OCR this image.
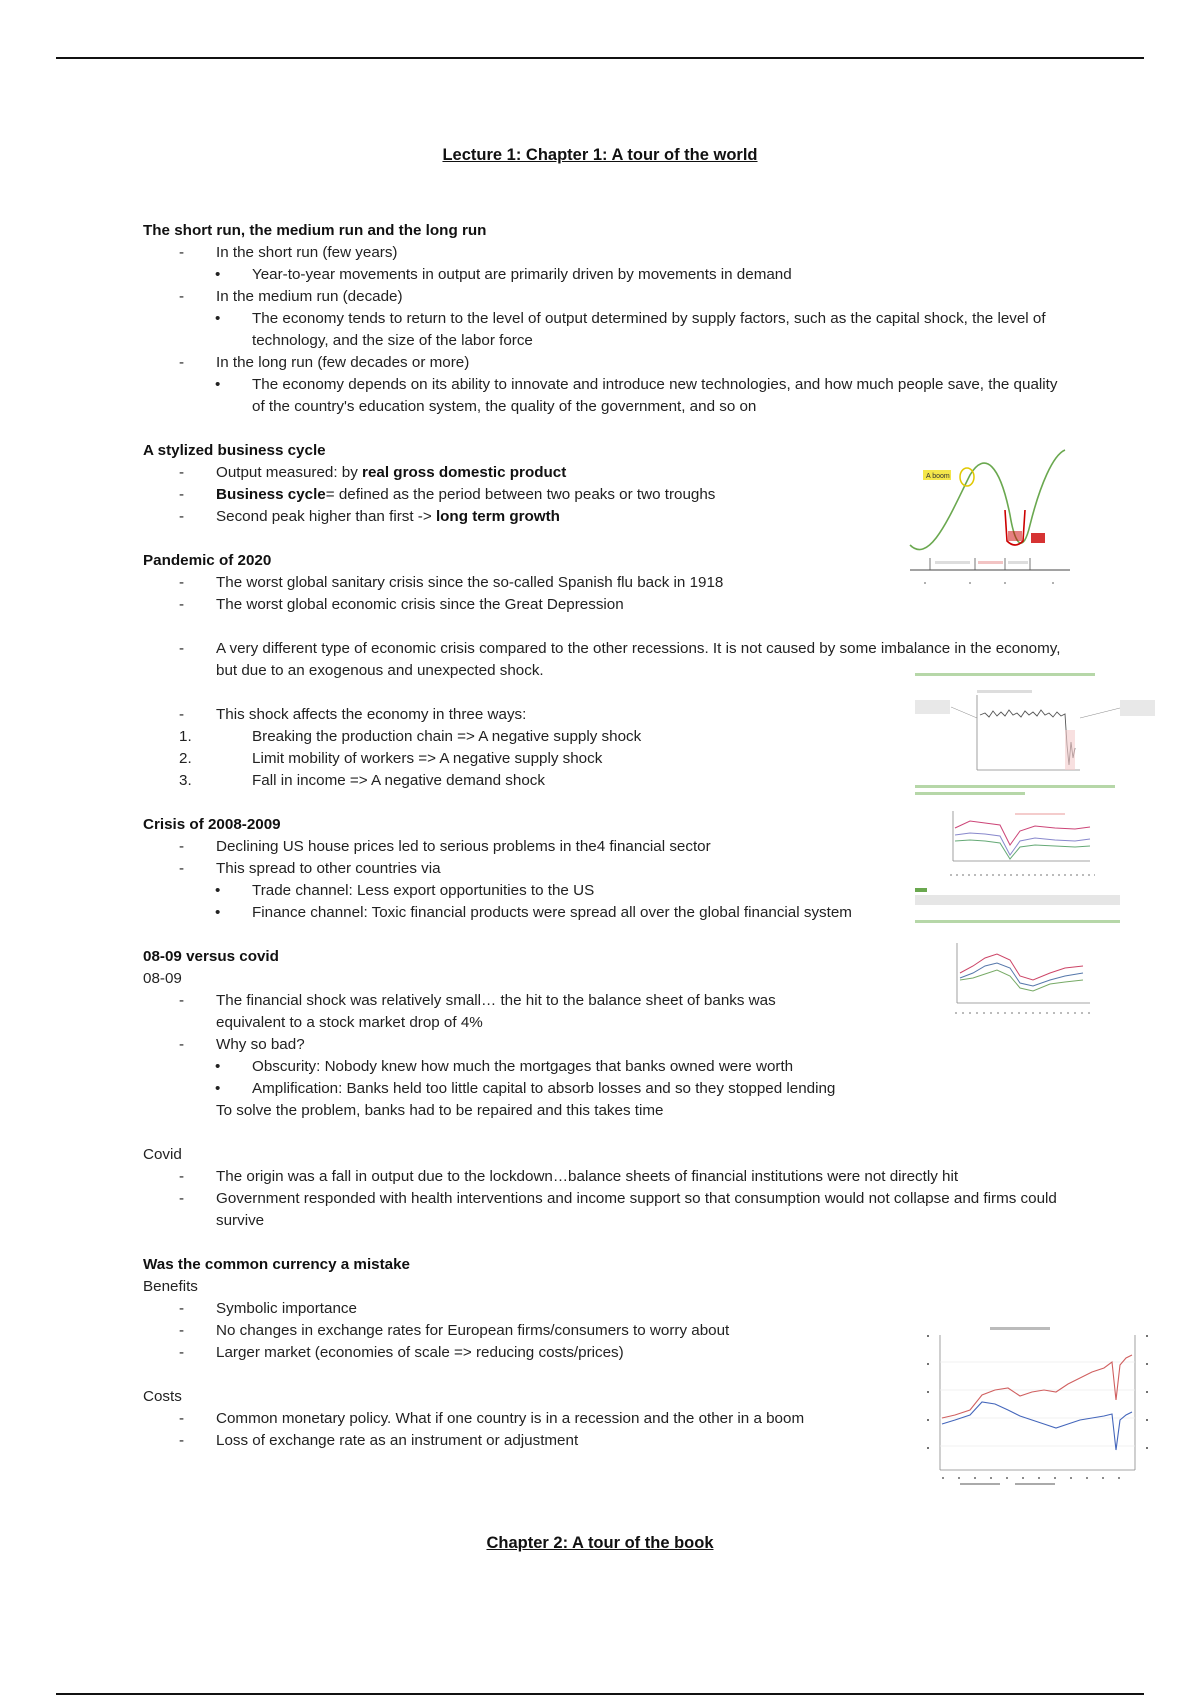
Lecture 1: Chapter 1: A tour of the world
The short run, the medium run and the long run
-	In the short run (few years)
•	Year-to-year movements in output are primarily driven by movements in demand
-	In the medium run (decade)
•	The economy tends to return to the level of output determined by supply factors, such as the capital shock, the level of technology, and the size of the labor force
-	In the long run (few decades or more)
•	The economy depends on its ability to innovate and introduce new technologies, and how much people save, the quality of the country's education system, the quality of the government, and so on
A stylized business cycle
-	Output measured: by real gross domestic product
-	Business cycle= defined as the period between two peaks or two troughs
-	Second peak higher than first -> long term growth
Pandemic of 2020
-	The worst global sanitary crisis since the so-called Spanish flu back in 1918
-	The worst global economic crisis since the Great Depression
-	A very different type of economic crisis compared to the other recessions. It is not caused by some imbalance in the economy, but due to an exogenous and unexpected shock.
-	This shock affects the economy in three ways:
1.	Breaking the production chain => A negative supply shock
2.	Limit mobility of workers => A negative supply shock
3.	Fall in income => A negative demand shock
Crisis of 2008-2009
-	Declining US house prices led to serious problems in the4 financial sector
-	This spread to other countries via
•	Trade channel: Less export opportunities to the US
•	Finance channel: Toxic financial products were spread all over the global financial system
08-09 versus covid
08-09
-	The financial shock was relatively small… the hit to the balance sheet of banks was equivalent to a stock market drop of 4%
-	Why so bad?
•	Obscurity: Nobody knew how much the mortgages that banks owned were worth
•	Amplification: Banks held too little capital to absorb losses and so they stopped lending
To solve the problem, banks had to be repaired and this takes time
Covid
-	The origin was a fall in output due to the lockdown…balance sheets of financial institutions were not directly hit
-	Government responded with health interventions and income support so that consumption would not collapse and firms could survive
Was the common currency a mistake
Benefits
-	Symbolic importance
-	No changes in exchange rates for European firms/consumers to worry about
-	Larger market (economies of scale => reducing costs/prices)
Costs
-	Common monetary policy. What if one country is in a recession and the other in a boom
-	Loss of exchange rate as an instrument or adjustment
Chapter 2: A tour of the book
A boom
